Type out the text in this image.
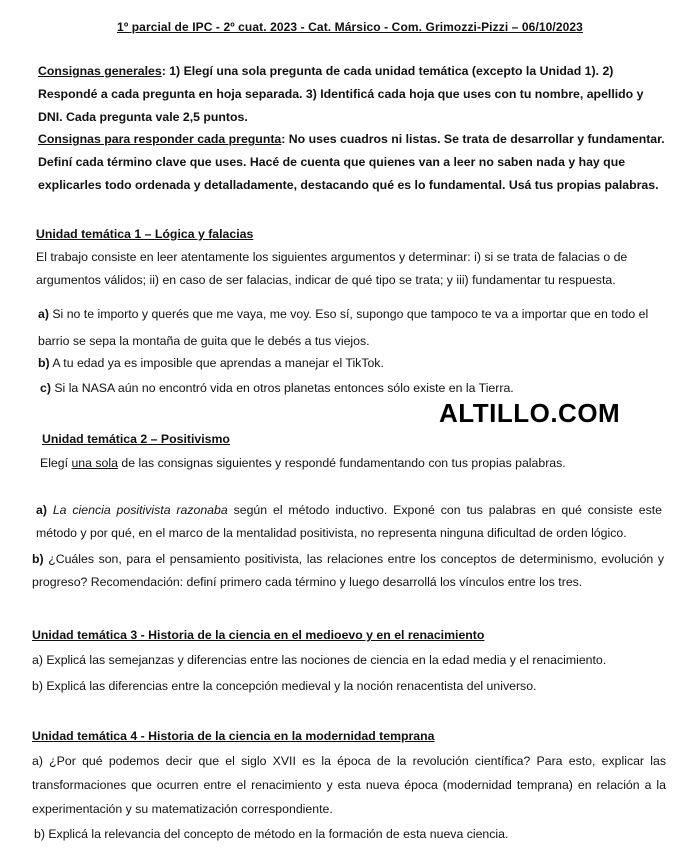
1º parcial de IPC - 2º cuat. 2023 - Cat. Mársico - Com. Grimozzi-Pizzi – 06/10/2023
Consignas generales: 1) Elegí una sola pregunta de cada unidad temática (excepto la Unidad 1). 2) Respondé a cada pregunta en hoja separada. 3) Identificá cada hoja que uses con tu nombre, apellido y DNI. Cada pregunta vale 2,5 puntos.
Consignas para responder cada pregunta: No uses cuadros ni listas. Se trata de desarrollar y fundamentar. Definí cada término clave que uses. Hacé de cuenta que quienes van a leer no saben nada y hay que explicarles todo ordenada y detalladamente, destacando qué es lo fundamental. Usá tus propias palabras.
Unidad temática 1 – Lógica y falacias
El trabajo consiste en leer atentamente los siguientes argumentos y determinar: i) si se trata de falacias o de argumentos válidos; ii) en caso de ser falacias, indicar de qué tipo se trata; y iii) fundamentar tu respuesta.
a) Si no te importo y querés que me vaya, me voy. Eso sí, supongo que tampoco te va a importar que en todo el barrio se sepa la montaña de guita que le debés a tus viejos.
b) A tu edad ya es imposible que aprendas a manejar el TikTok.
c) Si la NASA aún no encontró vida en otros planetas entonces sólo existe en la Tierra.
ALTILLO.COM
Unidad temática 2 – Positivismo
Elegí una sola de las consignas siguientes y respondé fundamentando con tus propias palabras.
a) La ciencia positivista razonaba según el método inductivo. Exponé con tus palabras en qué consiste este método y por qué, en el marco de la mentalidad positivista, no representa ninguna dificultad de orden lógico.
b) ¿Cuáles son, para el pensamiento positivista, las relaciones entre los conceptos de determinismo, evolución y progreso? Recomendación: definí primero cada término y luego desarrollá los vínculos entre los tres.
Unidad temática 3 - Historia de la ciencia en el medioevo y en el renacimiento
a) Explicá las semejanzas y diferencias entre las nociones de ciencia en la edad media y el renacimiento.
b) Explicá las diferencias entre la concepción medieval y la noción renacentista del universo.
Unidad temática 4 - Historia de la ciencia en la modernidad temprana
a) ¿Por qué podemos decir que el siglo XVII es la época de la revolución científica? Para esto, explicar las transformaciones que ocurren entre el renacimiento y esta nueva época (modernidad temprana) en relación a la experimentación y su matematización correspondiente.
b) Explicá la relevancia del concepto de método en la formación de esta nueva ciencia.
